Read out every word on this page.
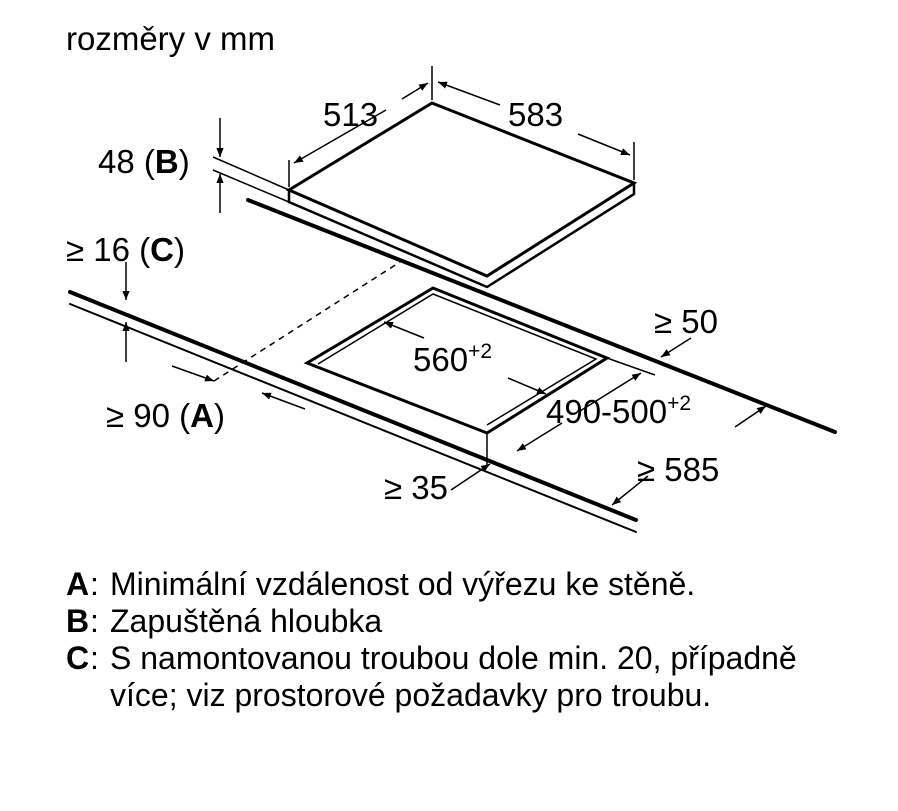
rozměry v mm
513	583
48 (B)
≥ 16 (C)
≥ 90 (A)
$560^{+2}$
$490-500^{+2}$
≥ 50
≥ 585
≥ 35
A : Minimální vzdálenost od výřezu ke stěně.
B : Zapuštěná hloubka
C : S namontovanou troubou dole min. 20, případně více; viz prostorové požadavky pro troubu.
